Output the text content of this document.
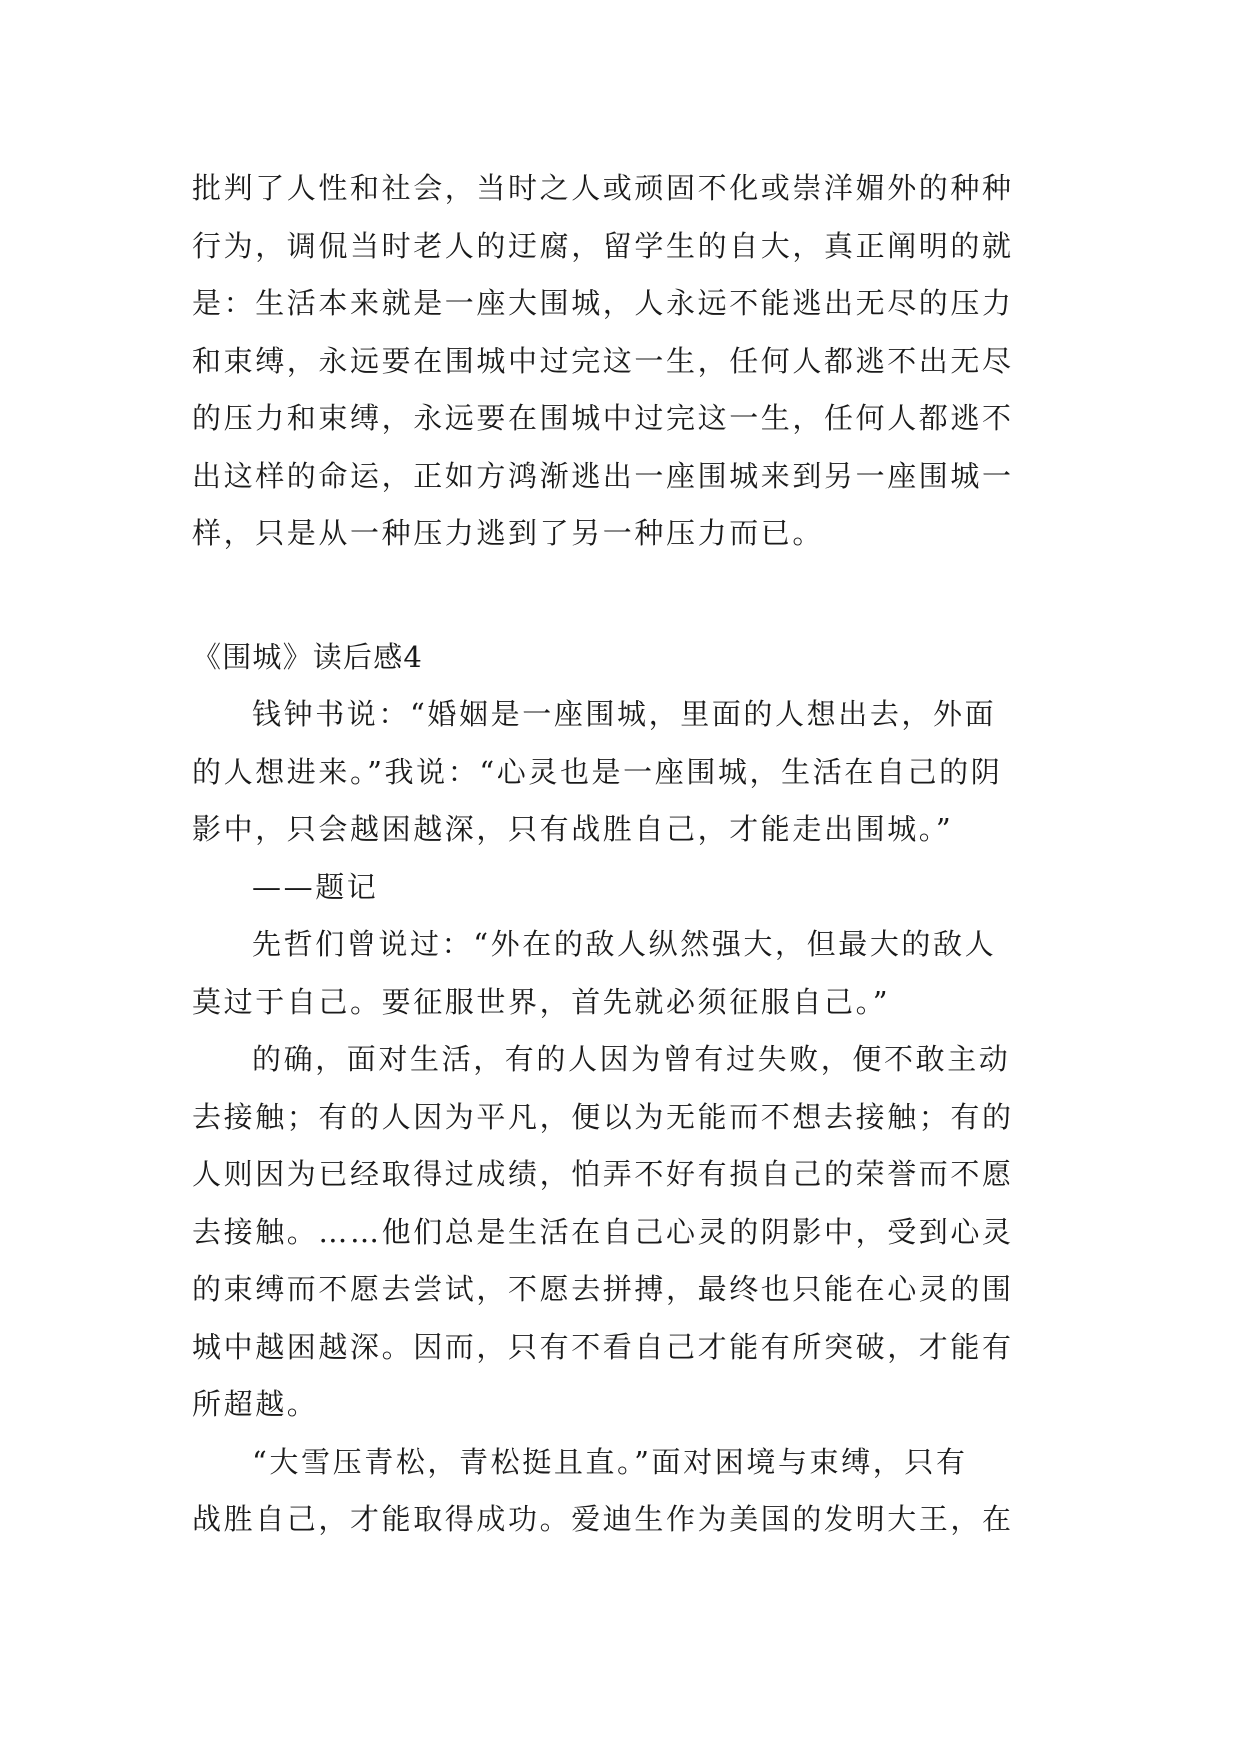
批判了人性和社会，当时之人或顽固不化或崇洋媚外的种种
行为，调侃当时老人的迂腐，留学生的自大，真正阐明的就
是：生活本来就是一座大围城，人永远不能逃出无尽的压力
和束缚，永远要在围城中过完这一生，任何人都逃不出无尽
的压力和束缚，永远要在围城中过完这一生，任何人都逃不
出这样的命运，正如方鸿渐逃出一座围城来到另一座围城一
样，只是从一种压力逃到了另一种压力而已。
《围城》读后感4
钱钟书说：“婚姻是一座围城，里面的人想出去，外面
的人想进来。”我说：“心灵也是一座围城，生活在自己的阴
影中，只会越困越深，只有战胜自己，才能走出围城。”
——题记
先哲们曾说过：“外在的敌人纵然强大，但最大的敌人
莫过于自己。要征服世界，首先就必须征服自己。”
的确，面对生活，有的人因为曾有过失败，便不敢主动
去接触；有的人因为平凡，便以为无能而不想去接触；有的
人则因为已经取得过成绩，怕弄不好有损自己的荣誉而不愿
去接触。……他们总是生活在自己心灵的阴影中，受到心灵
的束缚而不愿去尝试，不愿去拼搏，最终也只能在心灵的围
城中越困越深。因而，只有不看自己才能有所突破，才能有
所超越。
“大雪压青松，青松挺且直。”面对困境与束缚，只有
战胜自己，才能取得成功。爱迪生作为美国的发明大王，在
